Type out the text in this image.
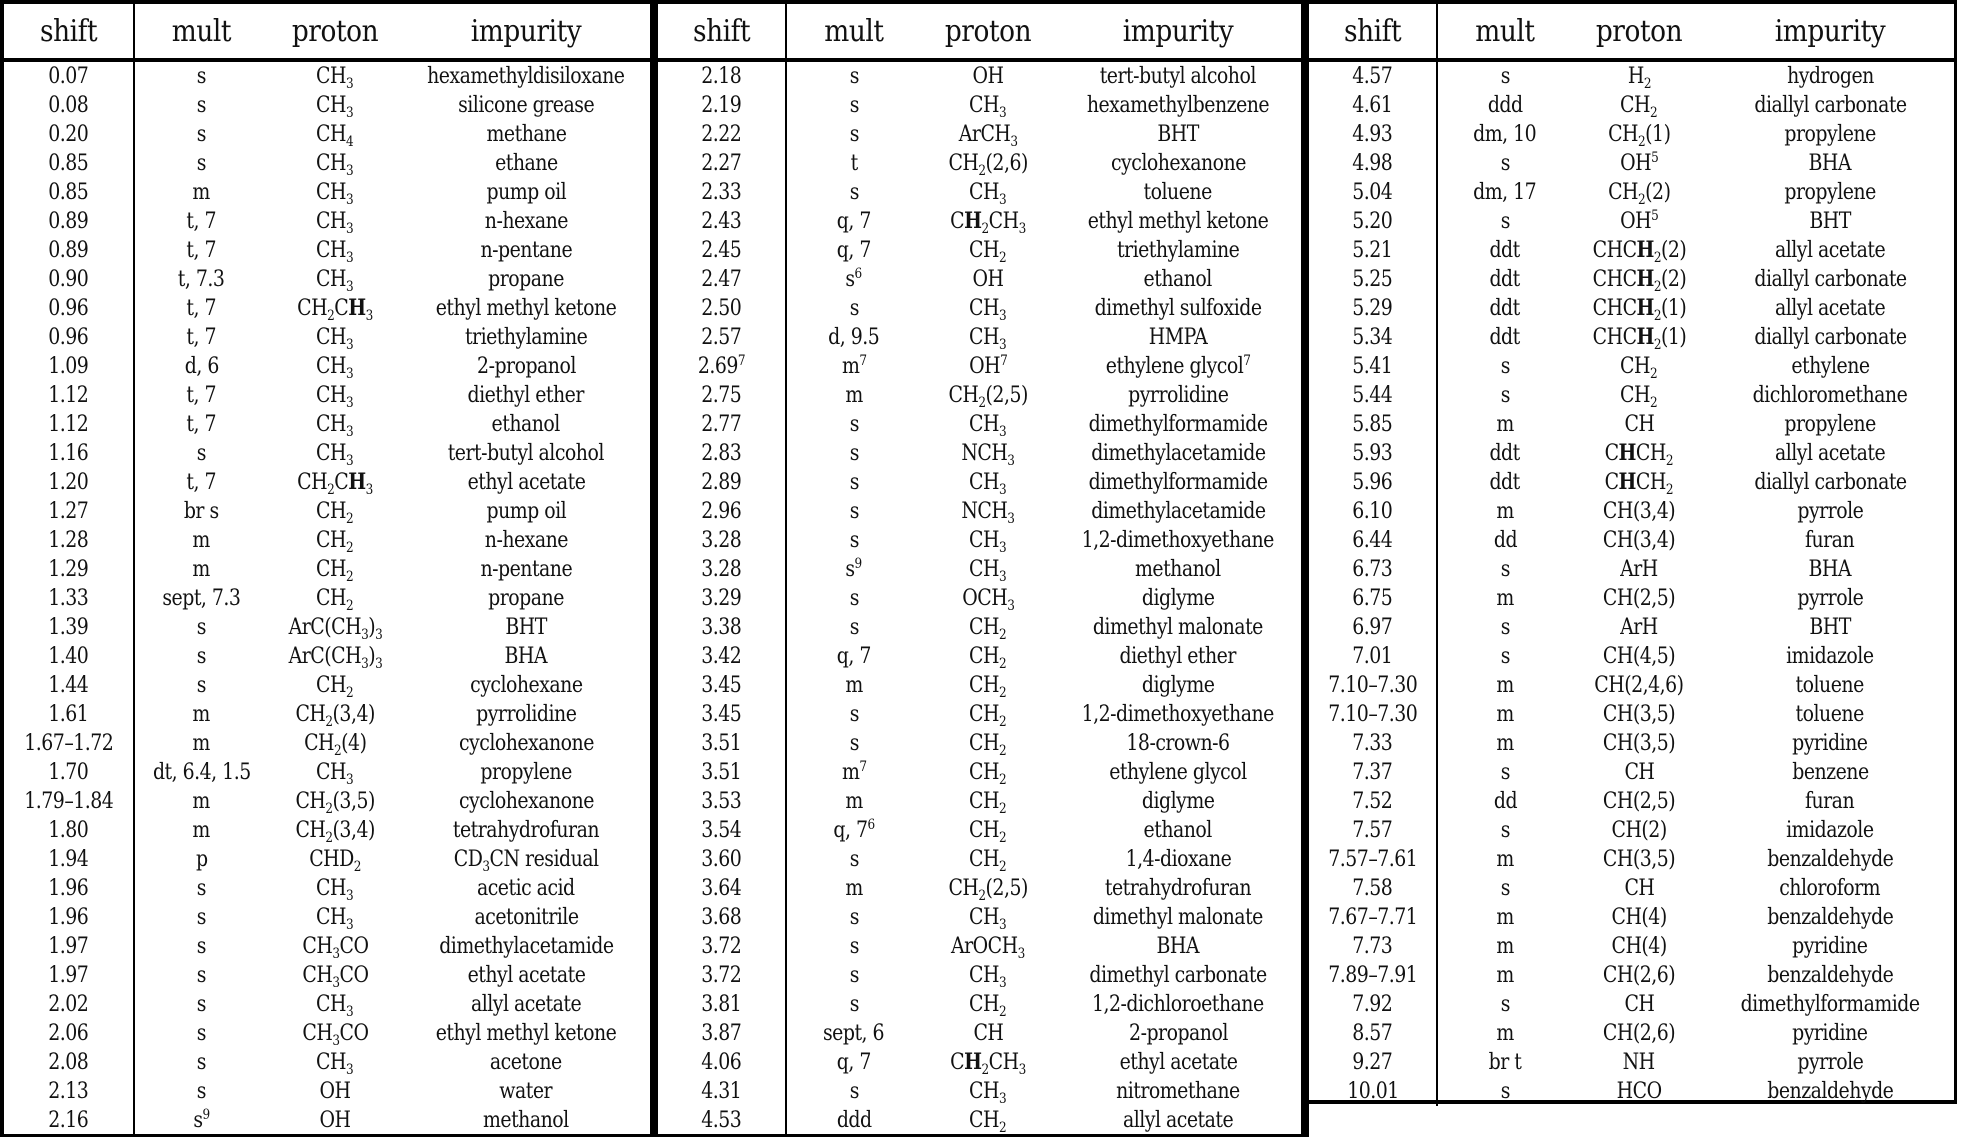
shift	mult	proton	impurity
0.07	s	$CH_3$	hexamethyldisiloxane
0.08	s	$CH_3$	silicone grease
0.20	s	$CH_4$	methane
0.85	s	$CH_3$	ethane
0.85	m	$CH_3$	pump oil
0.89	t, 7	$CH_3$	n-hexane
0.89	t, 7	$CH_3$	n-pentane
0.90	t, 7.3	$CH_3$	propane
0.96	t, 7	$CH_2CH_3$	ethyl methyl ketone
0.96	t, 7	$CH_3$	triethylamine
1.09	d, 6	$CH_3$	2-propanol
1.12	t, 7	$CH_3$	diethyl ether
1.12	t, 7	$CH_3$	ethanol
1.16	s	$CH_3$	tert-butyl alcohol
1.20	t, 7	$CH_2CH_3$	ethyl acetate
1.27	br s	$CH_2$	pump oil
1.28	m	$CH_2$	n-hexane
1.29	m	$CH_2$	n-pentane
1.33	sept, 7.3	$CH_2$	propane
1.39	s	$ArC(CH_3)_3$	BHT
1.40	s	$ArC(CH_3)_3$	BHA
1.44	s	$CH_2$	cyclohexane
1.61	m	$CH_2(3,4)$	pyrrolidine
1.67–1.72	m	$CH_2(4)$	cyclohexanone
1.70	dt, 6.4, 1.5	$CH_3$	propylene
1.79–1.84	m	$CH_2(3,5)$	cyclohexanone
1.80	m	$CH_2(3,4)$	tetrahydrofuran
1.94	p	$CHD_2$	$CD_3CN$ residual
1.96	s	$CH_3$	acetic acid
1.96	s	$CH_3$	acetonitrile
1.97	s	$CH_3CO$	dimethylacetamide
1.97	s	$CH_3CO$	ethyl acetate
2.02	s	$CH_3$	allyl acetate
2.06	s	$CH_3CO$	ethyl methyl ketone
2.08	s	$CH_3$	acetone
2.13	s	OH	water
2.16	$s^9$	OH	methanol
shift	mult	proton	impurity
2.18	s	OH	tert-butyl alcohol
2.19	s	$CH_3$	hexamethylbenzene
2.22	s	ArCH$_3$	BHT
2.27	t	$CH_2(2,6)$	cyclohexanone
2.33	s	$CH_3$	toluene
2.43	q, 7	$CH_2CH_3$	ethyl methyl ketone
2.45	q, 7	$CH_2$	triethylamine
2.47	$s^6$	OH	ethanol
2.50	s	$CH_3$	dimethyl sulfoxide
2.57	d, 9.5	$CH_3$	HMPA
2.69$^7$	$m^7$	$OH^7$	ethylene glycol$^7$
2.75	m	$CH_2(2,5)$	pyrrolidine
2.77	s	$CH_3$	dimethylformamide
2.83	s	$NCH_3$	dimethylacetamide
2.89	s	$CH_3$	dimethylformamide
2.96	s	$NCH_3$	dimethylacetamide
3.28	s	$CH_3$	1,2-dimethoxyethane
3.28	$s^9$	$CH_3$	methanol
3.29	s	$OCH_3$	diglyme
3.38	s	$CH_2$	dimethyl malonate
3.42	q, 7	$CH_2$	diethyl ether
3.45	m	$CH_2$	diglyme
3.45	s	$CH_2$	1,2-dimethoxyethane
3.51	s	$CH_2$	18-crown-6
3.51	$m^7$	$CH_2$	ethylene glycol
3.53	m	$CH_2$	diglyme
3.54	q, $7^6$	$CH_2$	ethanol
3.60	s	$CH_2$	1,4-dioxane
3.64	m	$CH_2(2,5)$	tetrahydrofuran
3.68	s	$CH_3$	dimethyl malonate
3.72	s	ArOCH$_3$	BHA
3.72	s	$CH_3$	dimethyl carbonate
3.81	s	$CH_2$	1,2-dichloroethane
3.87	sept, 6	CH	2-propanol
4.06	q, 7	$CH_2CH_3$	ethyl acetate
4.31	s	$CH_3$	nitromethane
4.53	ddd	$CH_2$	allyl acetate
shift	mult	proton	impurity
4.57	s	$H_2$	hydrogen
4.61	ddd	$CH_2$	diallyl carbonate
4.93	dm, 10	$CH_2(1)$	propylene
4.98	s	$OH^5$	BHA
5.04	dm, 17	$CH_2(2)$	propylene
5.20	s	$OH^5$	BHT
5.21	ddt	$CHCH_2(2)$	allyl acetate
5.25	ddt	$CHCH_2(2)$	diallyl carbonate
5.29	ddt	$CHCH_2(1)$	allyl acetate
5.34	ddt	$CHCH_2(1)$	diallyl carbonate
5.41	s	$CH_2$	ethylene
5.44	s	$CH_2$	dichloromethane
5.85	m	CH	propylene
5.93	ddt	$CHCH_2$	allyl acetate
5.96	ddt	$CHCH_2$	diallyl carbonate
6.10	m	CH(3,4)	pyrrole
6.44	dd	CH(3,4)	furan
6.73	s	ArH	BHA
6.75	m	CH(2,5)	pyrrole
6.97	s	ArH	BHT
7.01	s	CH(4,5)	imidazole
7.10–7.30	m	CH(2,4,6)	toluene
7.10–7.30	m	CH(3,5)	toluene
7.33	m	CH(3,5)	pyridine
7.37	s	CH	benzene
7.52	dd	CH(2,5)	furan
7.57	s	CH(2)	imidazole
7.57–7.61	m	CH(3,5)	benzaldehyde
7.58	s	CH	chloroform
7.67–7.71	m	CH(4)	benzaldehyde
7.73	m	CH(4)	pyridine
7.89–7.91	m	CH(2,6)	benzaldehyde
7.92	s	CH	dimethylformamide
8.57	m	CH(2,6)	pyridine
9.27	br t	NH	pyrrole
10.01	s	HCO	benzaldehyde
